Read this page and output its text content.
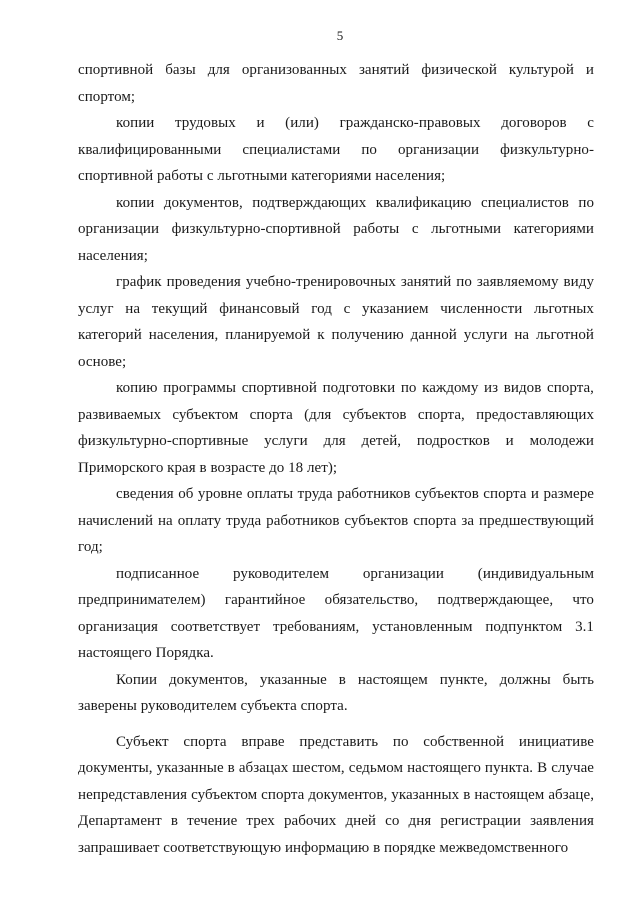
5

спортивной базы для организованных занятий физической культурой и спортом;

копии трудовых и (или) гражданско-правовых договоров с квалифицированными специалистами по организации физкультурно-спортивной работы с льготными категориями населения;

копии документов, подтверждающих квалификацию специалистов по организации физкультурно-спортивной работы с льготными категориями населения;

график проведения учебно-тренировочных занятий по заявляемому виду услуг на текущий финансовый год с указанием численности льготных категорий населения, планируемой к получению данной услуги на льготной основе;

копию программы спортивной подготовки по каждому из видов спорта, развиваемых субъектом спорта (для субъектов спорта, предоставляющих физкультурно-спортивные услуги для детей, подростков и молодежи Приморского края в возрасте до 18 лет);

сведения об уровне оплаты труда работников субъектов спорта и размере начислений на оплату труда работников субъектов спорта за предшествующий год;

подписанное руководителем организации (индивидуальным предпринимателем) гарантийное обязательство, подтверждающее, что организация соответствует требованиям, установленным подпунктом 3.1 настоящего Порядка.

Копии документов, указанные в настоящем пункте, должны быть заверены руководителем субъекта спорта.

Субъект спорта вправе представить по собственной инициативе документы, указанные в абзацах шестом, седьмом настоящего пункта. В случае непредставления субъектом спорта документов, указанных в настоящем абзаце, Департамент в течение трех рабочих дней со дня регистрации заявления запрашивает соответствующую информацию в порядке межведомственного
